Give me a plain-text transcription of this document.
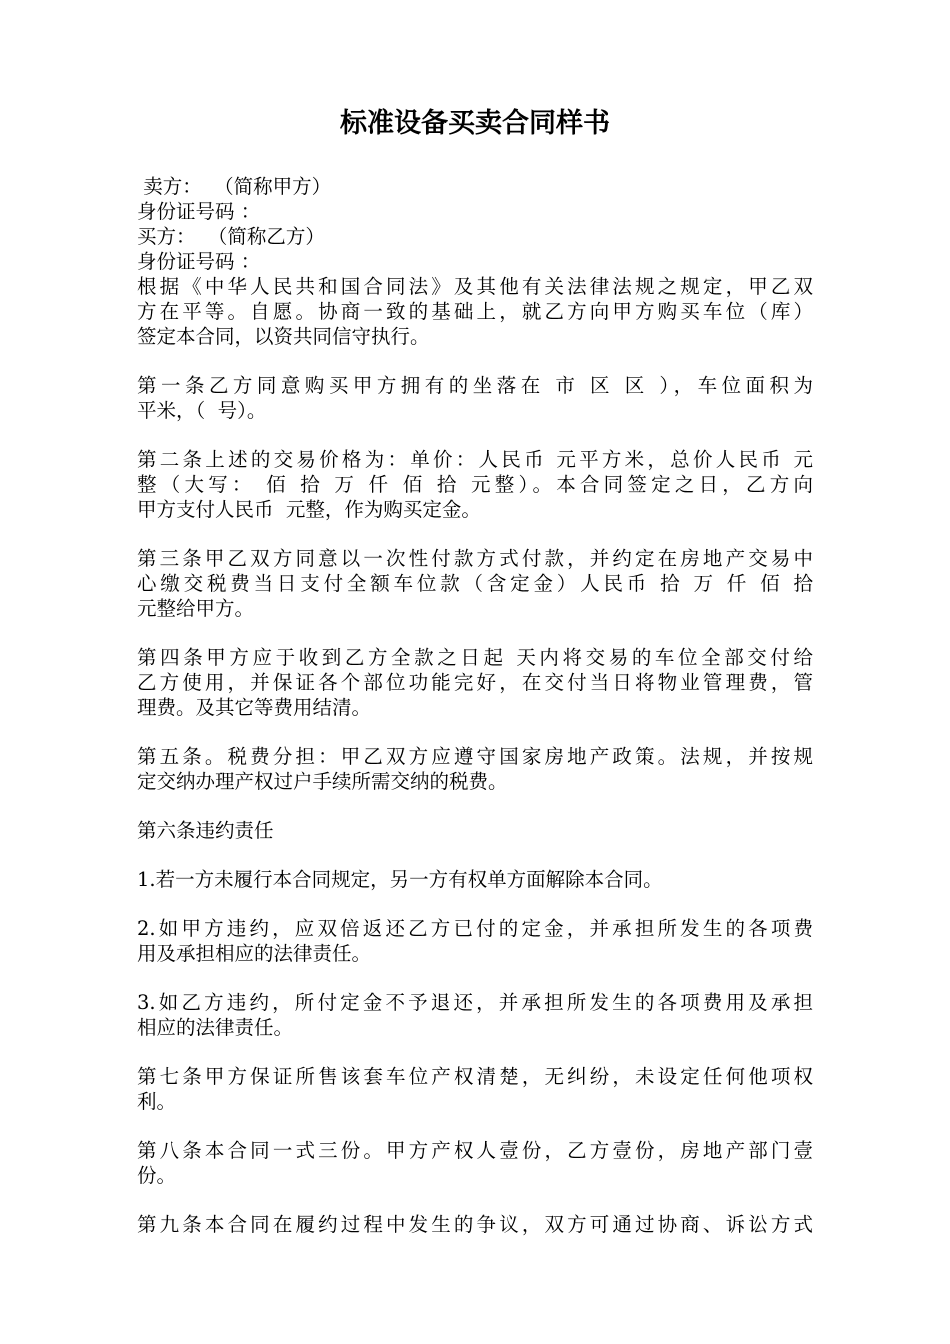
标准设备买卖合同样书
卖方：  （简称甲方）
身份证号码 ：
买方：  （简称乙方）
身份证号码 ：
根据《中华人民共和国合同法》及其他有关法律法规之规定，甲乙双
方在平等。自愿。协商一致的基础上，就乙方向甲方购买车位（库）
签定本合同，以资共同信守执行。
第一条乙方同意购买甲方拥有的坐落在 市 区 区 ），车位面积为
平米，（  号）。
第二条上述的交易价格为：单价：人民币 元平方米，总价人民币 元
整（大写： 佰 拾 万 仟 佰 拾 元整）。本合同签定之日，乙方向
甲方支付人民币  元整，作为购买定金。
第三条甲乙双方同意以一次性付款方式付款，并约定在房地产交易中
心缴交税费当日支付全额车位款（含定金）人民币 拾 万 仟 佰 拾
元整给甲方。
第四条甲方应于收到乙方全款之日起 天内将交易的车位全部交付给
乙方使用，并保证各个部位功能完好，在交付当日将物业管理费，管
理费。及其它等费用结清。
第五条。税费分担：甲乙双方应遵守国家房地产政策。法规，并按规
定交纳办理产权过户手续所需交纳的税费。
第六条违约责任
1.若一方未履行本合同规定，另一方有权单方面解除本合同。
2.如甲方违约，应双倍返还乙方已付的定金，并承担所发生的各项费
用及承担相应的法律责任。
3.如乙方违约，所付定金不予退还，并承担所发生的各项费用及承担
相应的法律责任。
第七条甲方保证所售该套车位产权清楚，无纠纷，未设定任何他项权
利。
第八条本合同一式三份。甲方产权人壹份，乙方壹份，房地产部门壹
份。
第九条本合同在履约过程中发生的争议，双方可通过协商、诉讼方式
